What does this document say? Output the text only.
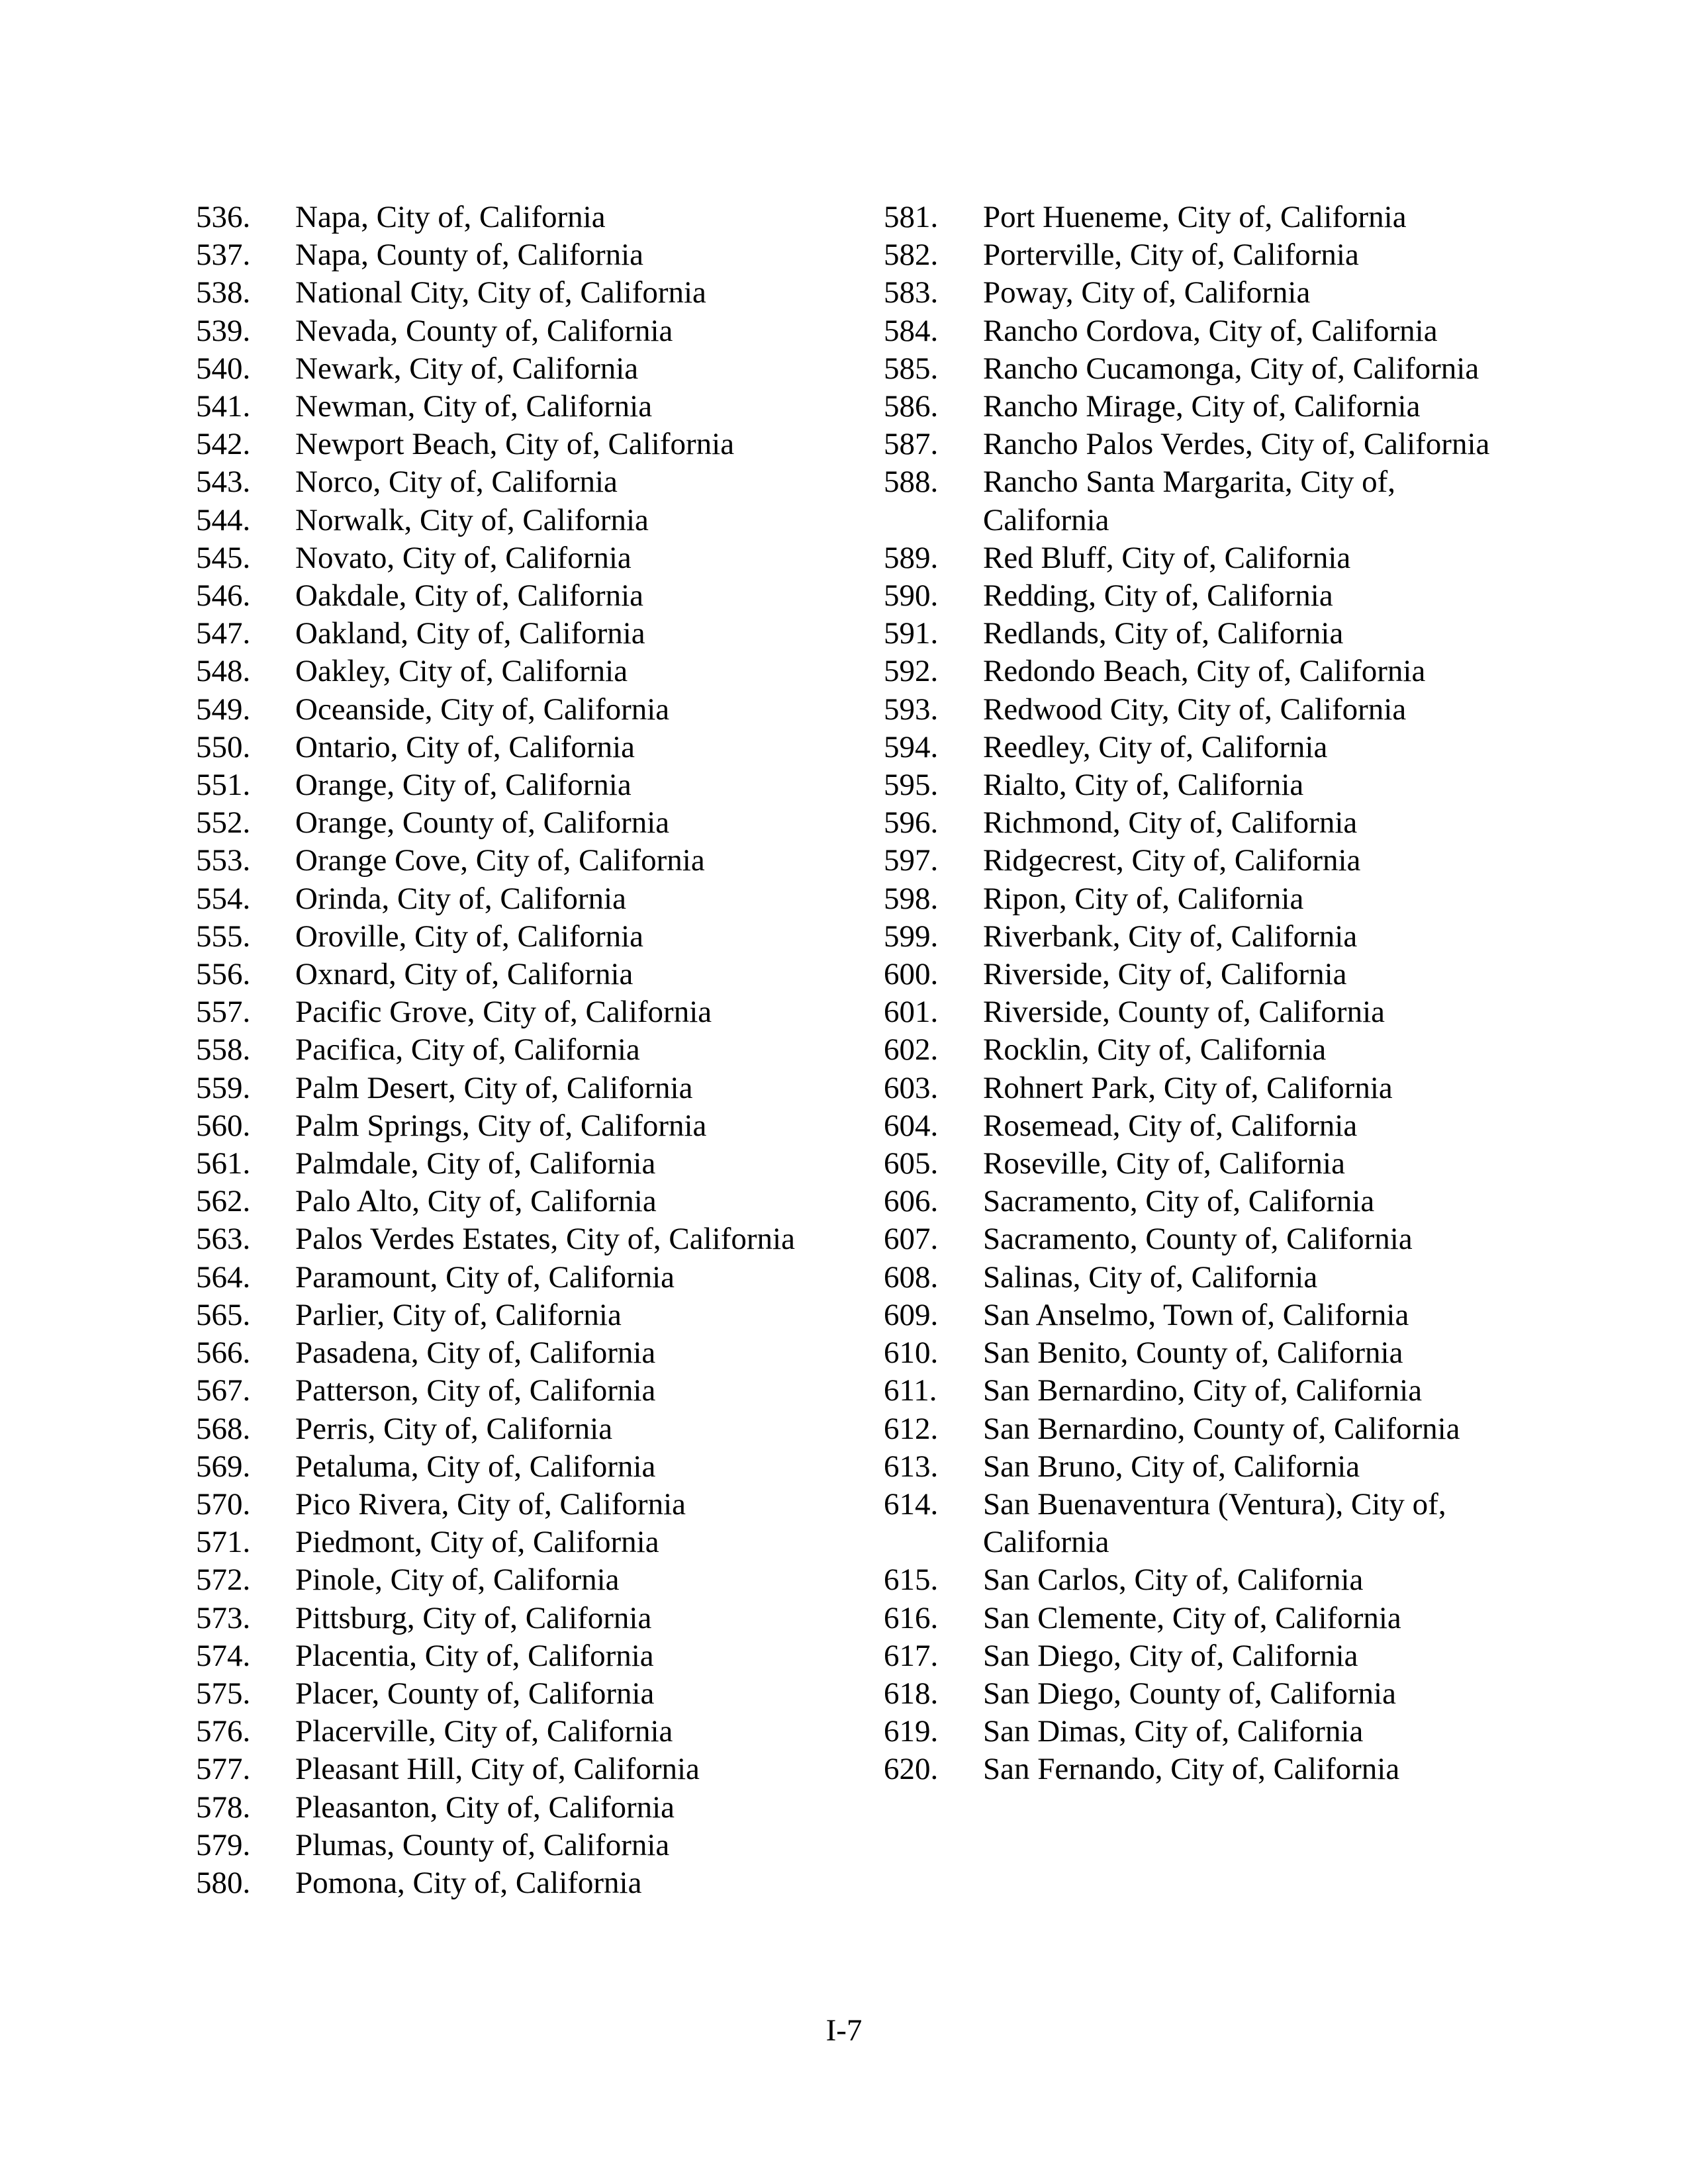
536.	Napa, City of, California
537.	Napa, County of, California
538.	National City, City of, California
539.	Nevada, County of, California
540.	Newark, City of, California
541.	Newman, City of, California
542.	Newport Beach, City of, California
543.	Norco, City of, California
544.	Norwalk, City of, California
545.	Novato, City of, California
546.	Oakdale, City of, California
547.	Oakland, City of, California
548.	Oakley, City of, California
549.	Oceanside, City of, California
550.	Ontario, City of, California
551.	Orange, City of, California
552.	Orange, County of, California
553.	Orange Cove, City of, California
554.	Orinda, City of, California
555.	Oroville, City of, California
556.	Oxnard, City of, California
557.	Pacific Grove, City of, California
558.	Pacifica, City of, California
559.	Palm Desert, City of, California
560.	Palm Springs, City of, California
561.	Palmdale, City of, California
562.	Palo Alto, City of, California
563.	Palos Verdes Estates, City of, California
564.	Paramount, City of, California
565.	Parlier, City of, California
566.	Pasadena, City of, California
567.	Patterson, City of, California
568.	Perris, City of, California
569.	Petaluma, City of, California
570.	Pico Rivera, City of, California
571.	Piedmont, City of, California
572.	Pinole, City of, California
573.	Pittsburg, City of, California
574.	Placentia, City of, California
575.	Placer, County of, California
576.	Placerville, City of, California
577.	Pleasant Hill, City of, California
578.	Pleasanton, City of, California
579.	Plumas, County of, California
580.	Pomona, City of, California
581.	Port Hueneme, City of, California
582.	Porterville, City of, California
583.	Poway, City of, California
584.	Rancho Cordova, City of, California
585.	Rancho Cucamonga, City of, California
586.	Rancho Mirage, City of, California
587.	Rancho Palos Verdes, City of, California
588.	Rancho Santa Margarita, City of, California
589.	Red Bluff, City of, California
590.	Redding, City of, California
591.	Redlands, City of, California
592.	Redondo Beach, City of, California
593.	Redwood City, City of, California
594.	Reedley, City of, California
595.	Rialto, City of, California
596.	Richmond, City of, California
597.	Ridgecrest, City of, California
598.	Ripon, City of, California
599.	Riverbank, City of, California
600.	Riverside, City of, California
601.	Riverside, County of, California
602.	Rocklin, City of, California
603.	Rohnert Park, City of, California
604.	Rosemead, City of, California
605.	Roseville, City of, California
606.	Sacramento, City of, California
607.	Sacramento, County of, California
608.	Salinas, City of, California
609.	San Anselmo, Town of, California
610.	San Benito, County of, California
611.	San Bernardino, City of, California
612.	San Bernardino, County of, California
613.	San Bruno, City of, California
614.	San Buenaventura (Ventura), City of, California
615.	San Carlos, City of, California
616.	San Clemente, City of, California
617.	San Diego, City of, California
618.	San Diego, County of, California
619.	San Dimas, City of, California
620.	San Fernando, City of, California
I-7
